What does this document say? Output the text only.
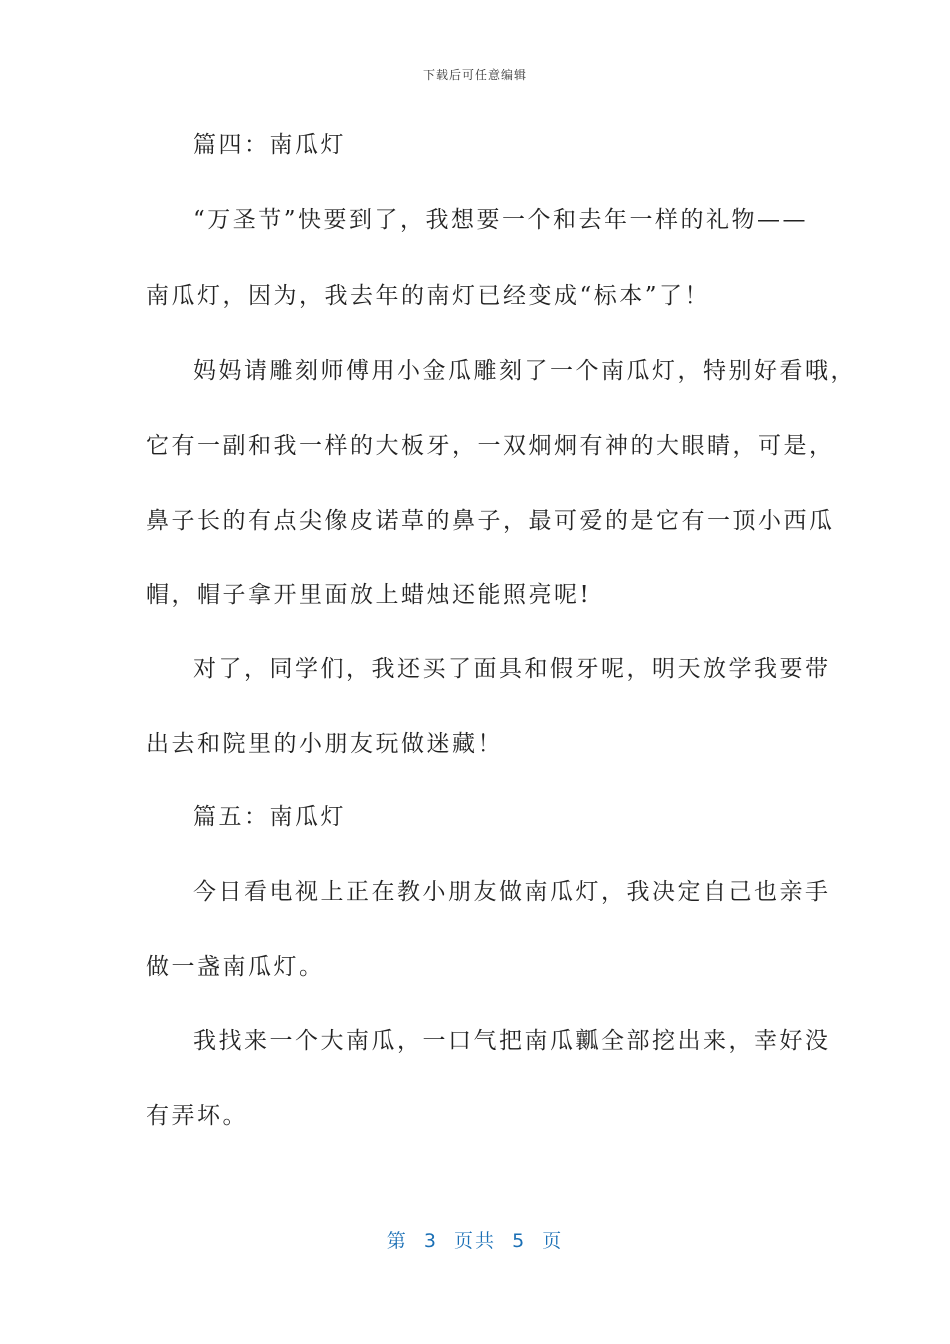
下载后可任意编辑
篇四：南瓜灯
“万圣节”快要到了，我想要一个和去年一样的礼物——
南瓜灯，因为，我去年的南灯已经变成“标本”了！
妈妈请雕刻师傅用小金瓜雕刻了一个南瓜灯，特别好看哦，
它有一副和我一样的大板牙，一双炯炯有神的大眼睛，可是，
鼻子长的有点尖像皮诺草的鼻子，最可爱的是它有一顶小西瓜
帽，帽子拿开里面放上蜡烛还能照亮呢!
对了，同学们，我还买了面具和假牙呢，明天放学我要带
出去和院里的小朋友玩做迷藏！
篇五：南瓜灯
今日看电视上正在教小朋友做南瓜灯，我决定自己也亲手
做一盏南瓜灯。
我找来一个大南瓜，一口气把南瓜瓤全部挖出来，幸好没
有弄坏。
第  3  页共  5  页
